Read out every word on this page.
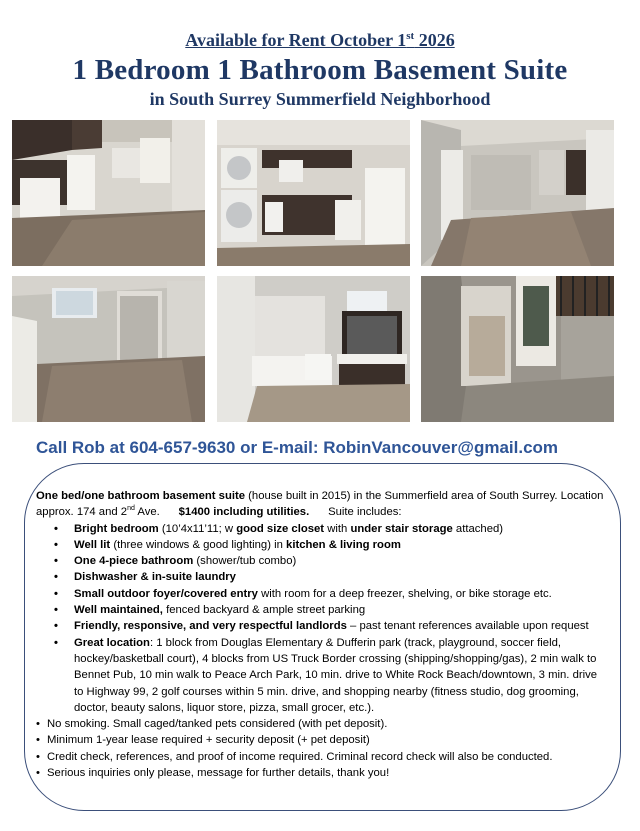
Available for Rent October 1st 2026
1 Bedroom 1 Bathroom Basement Suite
in South Surrey Summerfield Neighborhood
Call Rob at 604-657-9630 or E-mail: RobinVancouver@gmail.com

One bed/one bathroom basement suite (house built in 2015) in the Summerfield area of South Surrey. Location approx. 174 and 2nd Ave. $1400 including utilities. Suite includes:

• Bright bedroom (10’4x11’11; w good size closet with under stair storage attached)
• Well lit (three windows & good lighting) in kitchen & living room
• One 4-piece bathroom (shower/tub combo)
• Dishwasher & in-suite laundry
• Small outdoor foyer/covered entry with room for a deep freezer, shelving, or bike storage etc.
• Well maintained, fenced backyard & ample street parking
• Friendly, responsive, and very respectful landlords – past tenant references available upon request
• Great location: 1 block from Douglas Elementary & Dufferin park (track, playground, soccer field, hockey/basketball court), 4 blocks from US Truck Border crossing (shipping/shopping/gas), 2 min walk to Bennet Pub, 10 min walk to Peace Arch Park, 10 min. drive to White Rock Beach/downtown, 3 min. drive to Highway 99, 2 golf courses within 5 min. drive, and shopping nearby (fitness studio, dog grooming, doctor, beauty salons, liquor store, pizza, small grocer, etc.).
• No smoking. Small caged/tanked pets considered (with pet deposit).
• Minimum 1-year lease required + security deposit (+ pet deposit)
• Credit check, references, and proof of income required. Criminal record check will also be conducted.
• Serious inquiries only please, message for further details, thank you!
